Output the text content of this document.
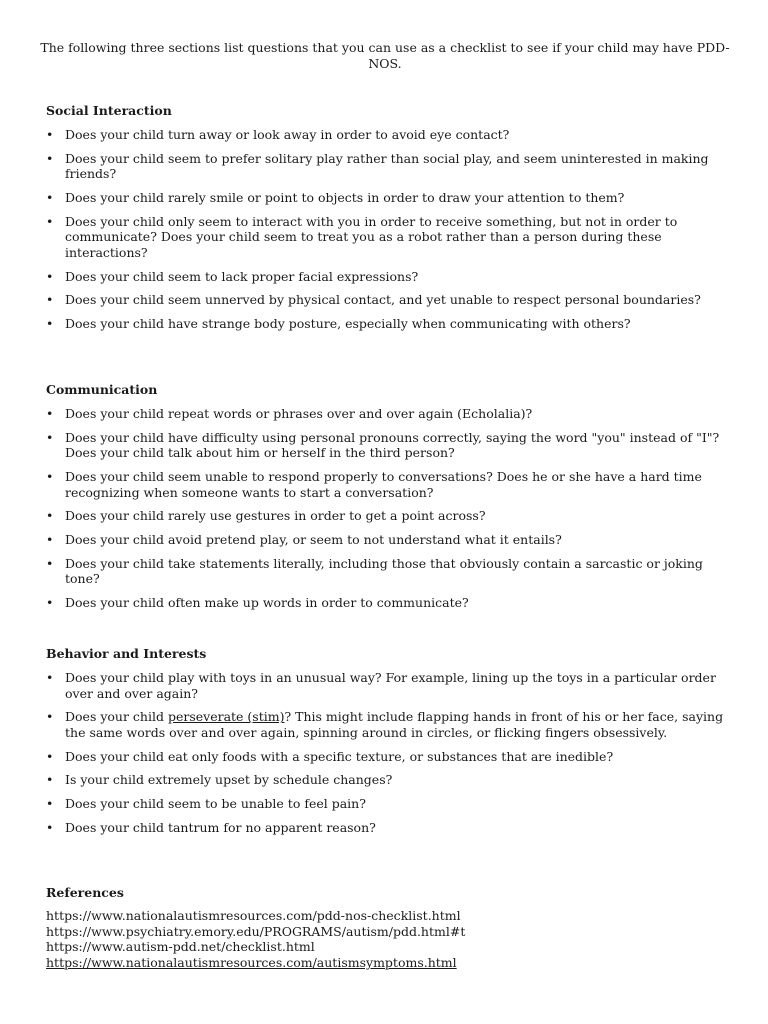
The following three sections list questions that you can use as a checklist to see if your child may have PDD-NOS.
Social Interaction
• Does your child turn away or look away in order to avoid eye contact?
• Does your child seem to prefer solitary play rather than social play, and seem uninterested in making friends?
• Does your child rarely smile or point to objects in order to draw your attention to them?
• Does your child only seem to interact with you in order to receive something, but not in order to communicate? Does your child seem to treat you as a robot rather than a person during these interactions?
• Does your child seem to lack proper facial expressions?
• Does your child seem unnerved by physical contact, and yet unable to respect personal boundaries?
• Does your child have strange body posture, especially when communicating with others?
Communication
• Does your child repeat words or phrases over and over again (Echolalia)?
• Does your child have difficulty using personal pronouns correctly, saying the word "you" instead of "I"? Does your child talk about him or herself in the third person?
• Does your child seem unable to respond properly to conversations? Does he or she have a hard time recognizing when someone wants to start a conversation?
• Does your child rarely use gestures in order to get a point across?
• Does your child avoid pretend play, or seem to not understand what it entails?
• Does your child take statements literally, including those that obviously contain a sarcastic or joking tone?
• Does your child often make up words in order to communicate?
Behavior and Interests
• Does your child play with toys in an unusual way? For example, lining up the toys in a particular order over and over again?
• Does your child perseverate (stim)? This might include flapping hands in front of his or her face, saying the same words over and over again, spinning around in circles, or flicking fingers obsessively.
• Does your child eat only foods with a specific texture, or substances that are inedible?
• Is your child extremely upset by schedule changes?
• Does your child seem to be unable to feel pain?
• Does your child tantrum for no apparent reason?
References
https://www.nationalautismresources.com/pdd-nos-checklist.html
https://www.psychiatry.emory.edu/PROGRAMS/autism/pdd.html#t
https://www.autism-pdd.net/checklist.html
https://www.nationalautismresources.com/autismsymptoms.html
